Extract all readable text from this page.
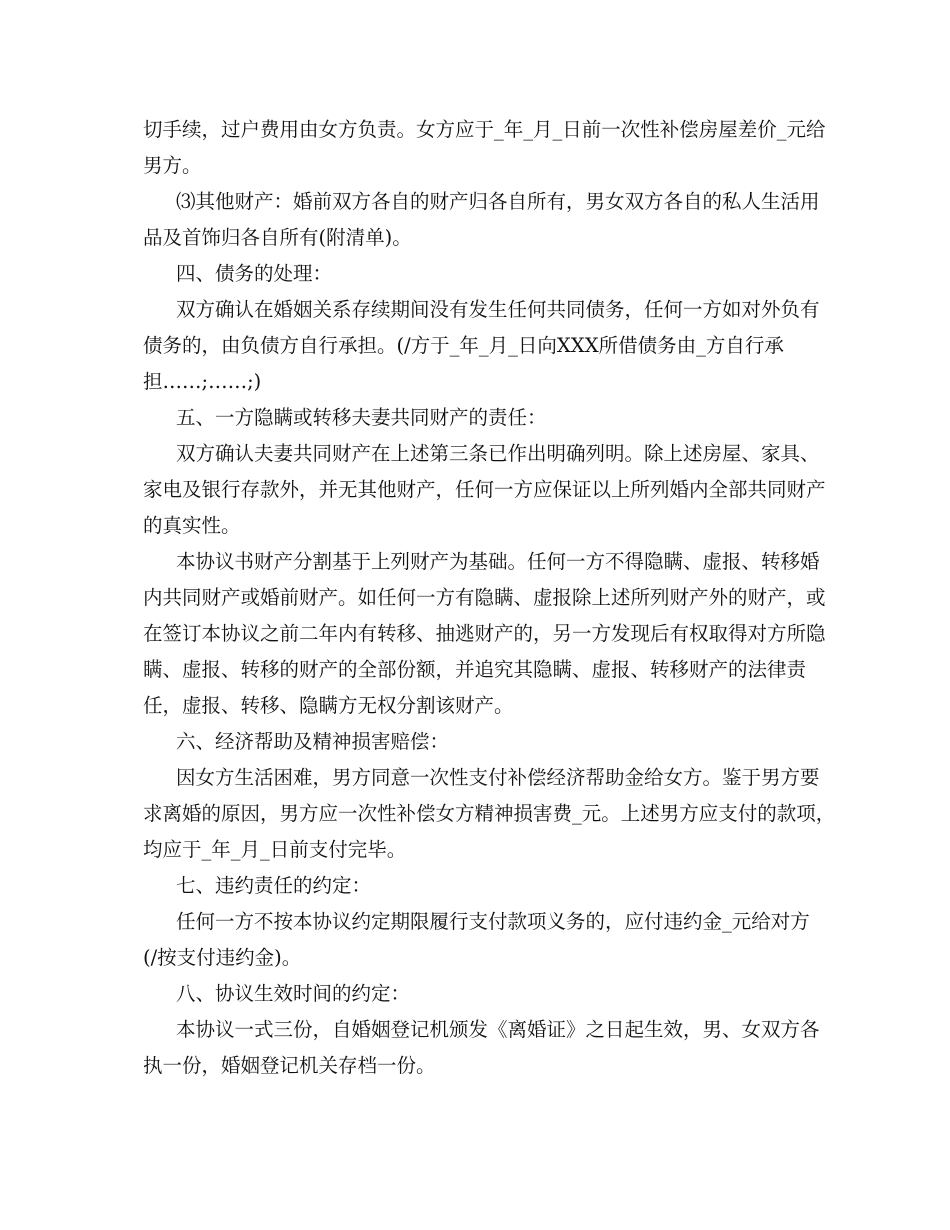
切手续，过户费用由女方负责。女方应于_年_月_日前一次性补偿房屋差价_元给
男方。
⑶其他财产：婚前双方各自的财产归各自所有，男女双方各自的私人生活用
品及首饰归各自所有(附清单)。
四、债务的处理：
双方确认在婚姻关系存续期间没有发生任何共同债务，任何一方如对外负有
债务的，由负债方自行承担。(/方于_年_月_日向XXX所借债务由_方自行承
担……;……;)
五、一方隐瞒或转移夫妻共同财产的责任：
双方确认夫妻共同财产在上述第三条已作出明确列明。除上述房屋、家具、
家电及银行存款外，并无其他财产，任何一方应保证以上所列婚内全部共同财产
的真实性。
本协议书财产分割基于上列财产为基础。任何一方不得隐瞒、虚报、转移婚
内共同财产或婚前财产。如任何一方有隐瞒、虚报除上述所列财产外的财产，或
在签订本协议之前二年内有转移、抽逃财产的，另一方发现后有权取得对方所隐
瞒、虚报、转移的财产的全部份额，并追究其隐瞒、虚报、转移财产的法律责
任，虚报、转移、隐瞒方无权分割该财产。
六、经济帮助及精神损害赔偿：
因女方生活困难，男方同意一次性支付补偿经济帮助金给女方。鉴于男方要
求离婚的原因，男方应一次性补偿女方精神损害费_元。上述男方应支付的款项，
均应于_年_月_日前支付完毕。
七、违约责任的约定：
任何一方不按本协议约定期限履行支付款项义务的，应付违约金_元给对方
(/按支付违约金)。
八、协议生效时间的约定：
本协议一式三份，自婚姻登记机颁发《离婚证》之日起生效，男、女双方各
执一份，婚姻登记机关存档一份。
